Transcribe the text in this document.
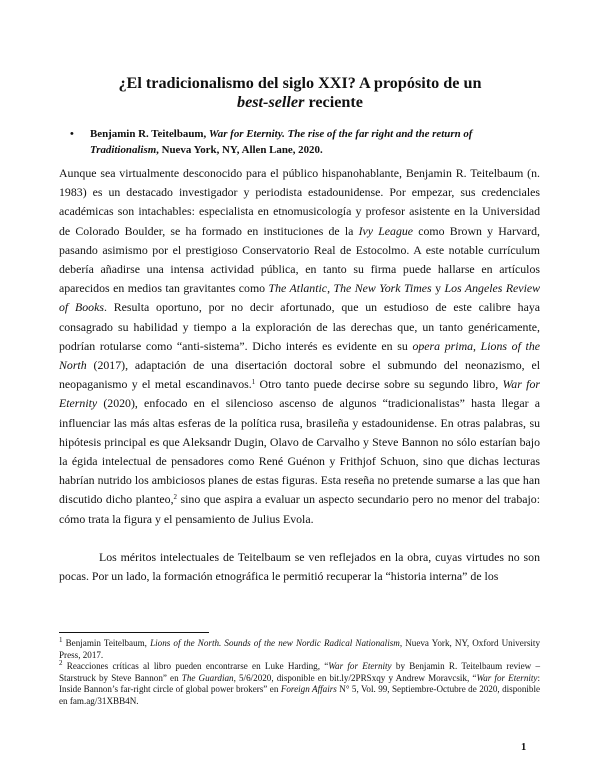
¿El tradicionalismo del siglo XXI? A propósito de un
best-seller reciente
• Benjamin R. Teitelbaum, War for Eternity. The rise of the far right and the return of Traditionalism, Nueva York, NY, Allen Lane, 2020.

Aunque sea virtualmente desconocido para el público hispanohablante, Benjamin R. Teitelbaum (n. 1983) es un destacado investigador y periodista estadounidense. Por empezar, sus credenciales académicas son intachables: especialista en etnomusicología y profesor asistente en la Universidad de Colorado Boulder, se ha formado en instituciones de la Ivy League como Brown y Harvard, pasando asimismo por el prestigioso Conservatorio Real de Estocolmo. A este notable currículum debería añadirse una intensa actividad pública, en tanto su firma puede hallarse en artículos aparecidos en medios tan gravitantes como The Atlantic, The New York Times y Los Angeles Review of Books. Resulta oportuno, por no decir afortunado, que un estudioso de este calibre haya consagrado su habilidad y tiempo a la exploración de las derechas que, un tanto genéricamente, podrían rotularse como “anti-sistema”. Dicho interés es evidente en su opera prima, Lions of the North (2017), adaptación de una disertación doctoral sobre el submundo del neonazismo, el neopaganismo y el metal escandinavos.$^1$ Otro tanto puede decirse sobre su segundo libro, War for Eternity (2020), enfocado en el silencioso ascenso de algunos “tradicionalistas” hasta llegar a influenciar las más altas esferas de la política rusa, brasileña y estadounidense. En otras palabras, su hipótesis principal es que Aleksandr Dugin, Olavo de Carvalho y Steve Bannon no sólo estarían bajo la égida intelectual de pensadores como René Guénon y Frithjof Schuon, sino que dichas lecturas habrían nutrido los ambiciosos planes de estas figuras. Esta reseña no pretende sumarse a las que han discutido dicho planteo,$^2$ sino que aspira a evaluar un aspecto secundario pero no menor del trabajo: cómo trata la figura y el pensamiento de Julius Evola.

Los méritos intelectuales de Teitelbaum se ven reflejados en la obra, cuyas virtudes no son pocas. Por un lado, la formación etnográfica le permitió recuperar la “historia interna” de los

$^1$ Benjamin Teitelbaum, Lions of the North. Sounds of the new Nordic Radical Nationalism, Nueva York, NY, Oxford University Press, 2017.

$^2$ Reacciones críticas al libro pueden encontrarse en Luke Harding, “War for Eternity by Benjamin R. Teitelbaum review – Starstruck by Steve Bannon” en The Guardian, 5/6/2020, disponible en bit.ly/2PRSxqy y Andrew Moravcsik, “War for Eternity: Inside Bannon’s far-right circle of global power brokers” en Foreign Affairs N° 5, Vol. 99, Septiembre-Octubre de 2020, disponible en fam.ag/31XBB4N.

1
